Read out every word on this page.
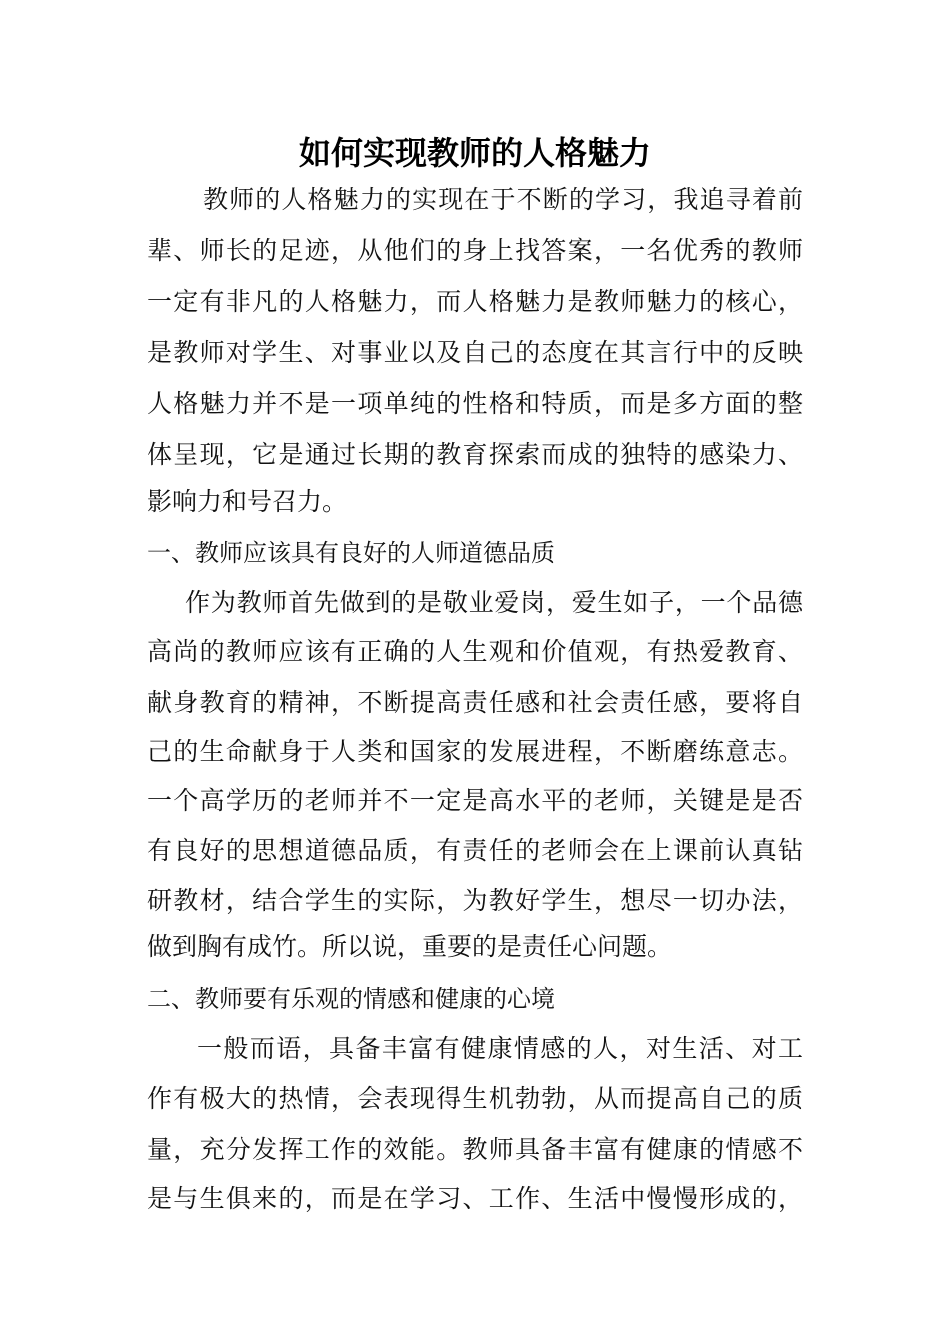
如何实现教师的人格魅力
教师的人格魅力的实现在于不断的学习，我追寻着前
辈、师长的足迹，从他们的身上找答案，一名优秀的教师
一定有非凡的人格魅力，而人格魅力是教师魅力的核心，
是教师对学生、对事业以及自己的态度在其言行中的反映
人格魅力并不是一项单纯的性格和特质，而是多方面的整
体呈现，它是通过长期的教育探索而成的独特的感染力、
影响力和号召力。
一、教师应该具有良好的人师道德品质
作为教师首先做到的是敬业爱岗，爱生如子，一个品德
高尚的教师应该有正确的人生观和价值观，有热爱教育、
献身教育的精神，不断提高责任感和社会责任感，要将自
己的生命献身于人类和国家的发展进程，不断磨练意志。
一个高学历的老师并不一定是高水平的老师，关键是是否
有良好的思想道德品质，有责任的老师会在上课前认真钻
研教材，结合学生的实际，为教好学生，想尽一切办法，
做到胸有成竹。所以说，重要的是责任心问题。
二、教师要有乐观的情感和健康的心境
一般而语，具备丰富有健康情感的人，对生活、对工
作有极大的热情，会表现得生机勃勃，从而提高自己的质
量，充分发挥工作的效能。教师具备丰富有健康的情感不
是与生俱来的，而是在学习、工作、生活中慢慢形成的，
